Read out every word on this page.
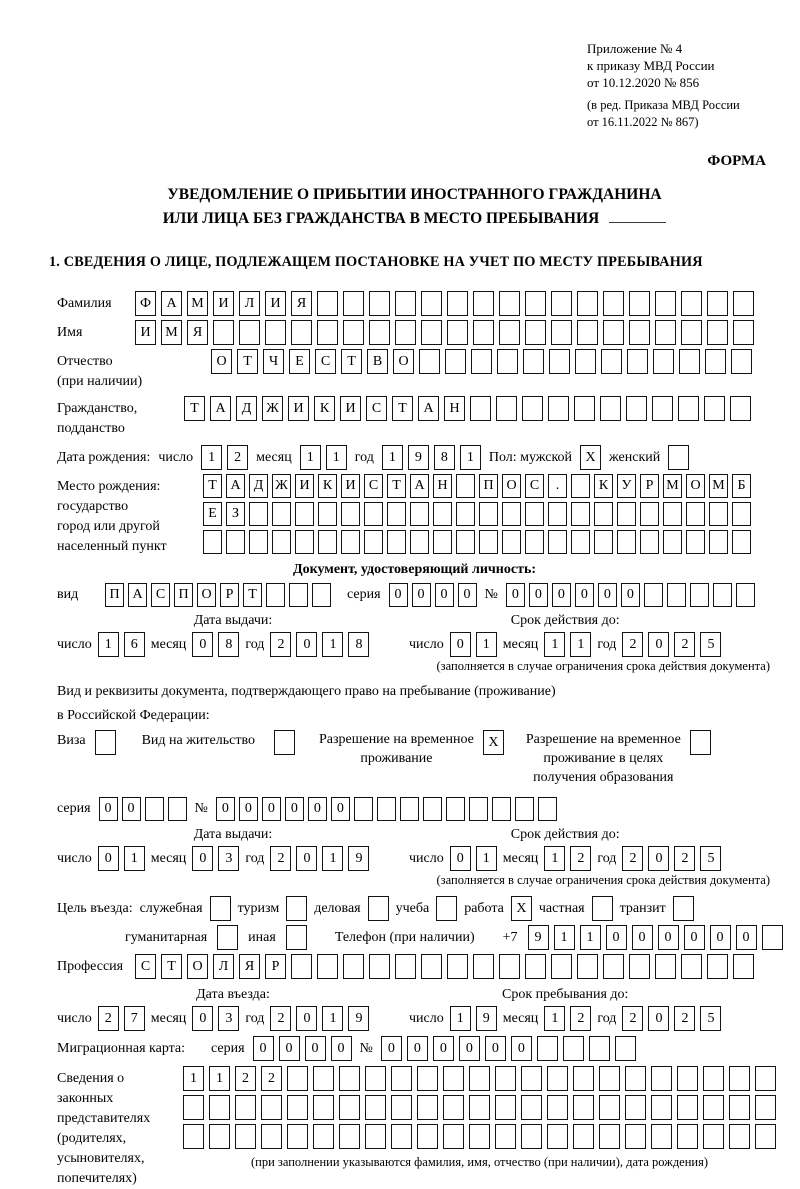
Приложение № 4
к приказу МВД России
от 10.12.2020 № 856
(в ред. Приказа МВД России
от 16.11.2022 № 867)
ФОРМА
УВЕДОМЛЕНИЕ О ПРИБЫТИИ ИНОСТРАННОГО ГРАЖДАНИНА
ИЛИ ЛИЦА БЕЗ ГРАЖДАНСТВА В МЕСТО ПРЕБЫВАНИЯ
1. СВЕДЕНИЯ О ЛИЦЕ, ПОДЛЕЖАЩЕМ ПОСТАНОВКЕ НА УЧЕТ ПО МЕСТУ ПРЕБЫВАНИЯ
Фамилия	Ф	А	М	И	Л	И	Я
Имя	И	М	Я
Отчество
(при наличии)
О	Т	Ч	Е	С	Т	В	О
Гражданство,
подданство
Т	А	Д	Ж	И	К	И	С	Т	А	Н
Дата рождения: число	1	2	месяц	1	1	год	1	9	8	1	Пол: мужской X женский
Место рождения:
государство
город или другой
населенный пункт
Т А Д Ж И К И С	Т А Н	П О С	.	К У	Р М О М Б
Е	З
Документ, удостоверяющий личность:
вид	П А С П О	Р	Т	серия	0	0	0	0	№	0	0	0	0	0	0
Дата выдачи:
число 1	6 месяц 0	8 год 2	0	1	8
Срок действия до:
число 0	1 месяц 1	1 год 2	0	2	5
(заполняется в случае ограничения срока действия документа)
Вид и реквизиты документа, подтверждающего право на пребывание (проживание)
в Российской Федерации:
Виза	Вид на жительство	Разрешение на временное
проживание
X	Разрешение на временное
проживание в целях
получения образования
серия	0	0	№	0	0	0	0	0	0
Дата выдачи:
число 0	1 месяц 0	3 год 2	0	1	9
Срок действия до:
число 0	1 месяц 1	2 год 2	0	2	5
(заполняется в случае ограничения срока действия документа)
Цель въезда: служебная	туризм	деловая	учеба	работа X частная	транзит
гуманитарная	иная	Телефон (при наличии) +7	9	1	1	0	0	0	0	0	0
Профессия	С	Т	О	Л	Я	Р
Дата въезда:
число 2	7 месяц 0	3 год 2	0	1	9
Срок пребывания до:
число 1	9 месяц 1	2 год 2	0	2	5
Миграционная карта:	серия	0	0	0	0	№	0	0	0	0	0	0
Сведения о
законных
представителях
(родителях,
усыновителях,
попечителях)
1	1	2	2
(при заполнении указываются фамилия, имя, отчество (при наличии), дата рождения)
